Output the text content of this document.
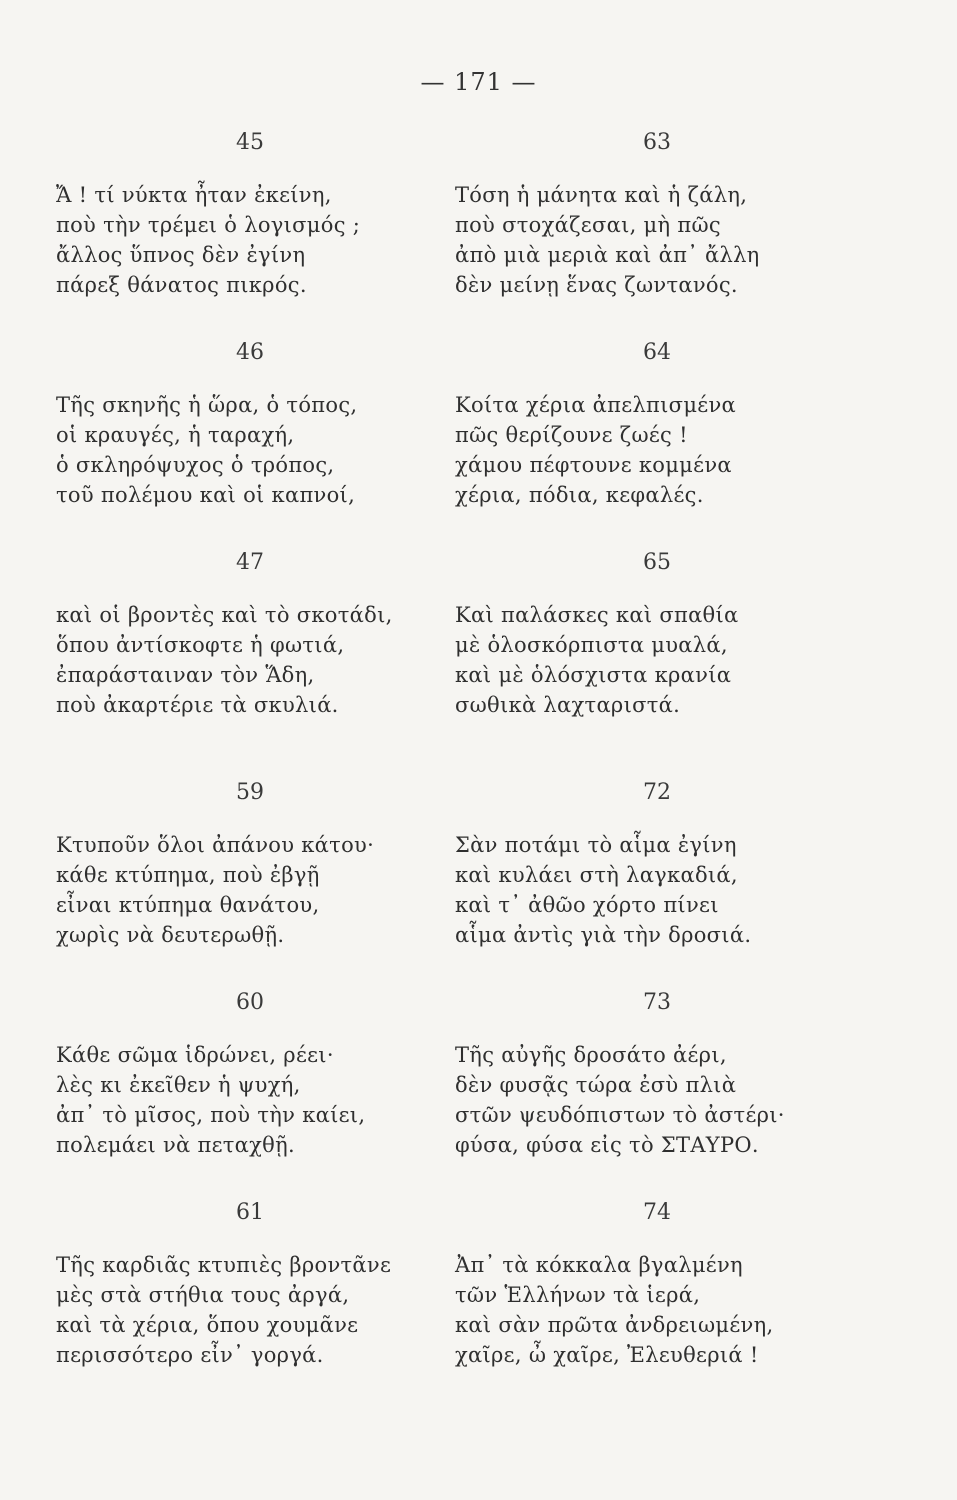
— 171 —
45
Ἄ ! τί νύκτα ἦταν ἐκείνη,
ποὺ τὴν τρέμει ὁ λογισμός ;
ἄλλος ὕπνος δὲν ἐγίνη
πάρεξ θάνατος πικρός.
46
Τῆς σκηνῆς ἡ ὥρα, ὁ τόπος,
οἱ κραυγές, ἡ ταραχή,
ὁ σκληρόψυχος ὁ τρόπος,
τοῦ πολέμου καὶ οἱ καπνοί,
47
καὶ οἱ βροντὲς καὶ τὸ σκοτάδι,
ὅπου ἀντίσκοφτε ἡ φωτιά,
ἐπαράσταιναν τὸν Ἅδη,
ποὺ ἀκαρτέριε τὰ σκυλιά.
59
Κτυποῦν ὅλοι ἀπάνου κάτου·
κάθε κτύπημα, ποὺ ἐβγῇ
εἶναι κτύπημα θανάτου,
χωρὶς νὰ δευτερωθῇ.
60
Κάθε σῶμα ἱδρώνει, ρέει·
λὲς κι ἐκεῖθεν ἡ ψυχή,
ἀπ᾿ τὸ μῖσος, ποὺ τὴν καίει,
πολεμάει νὰ πεταχθῇ.
61
Τῆς καρδιᾶς κτυπιὲς βροντᾶνε
μὲς στὰ στήθια τους ἀργά,
καὶ τὰ χέρια, ὅπου χουμᾶνε
περισσότερο εἶν᾿ γοργά.
63
Τόση ἡ μάνητα καὶ ἡ ζάλη,
ποὺ στοχάζεσαι, μὴ πῶς
ἀπὸ μιὰ μεριὰ καὶ ἀπ᾿ ἄλλη
δὲν μείνῃ ἕνας ζωντανός.
64
Κοίτα χέρια ἀπελπισμένα
πῶς θερίζουνε ζωές !
χάμου πέφτουνε κομμένα
χέρια, πόδια, κεφαλές.
65
Καὶ παλάσκες καὶ σπαθία
μὲ ὁλοσκόρπιστα μυαλά,
καὶ μὲ ὁλόσχιστα κρανία
σωθικὰ λαχταριστά.
72
Σὰν ποτάμι τὸ αἷμα ἐγίνη
καὶ κυλάει στὴ λαγκαδιά,
καὶ τ᾿ ἀθῶο χόρτο πίνει
αἷμα ἀντὶς γιὰ τὴν δροσιά.
73
Τῆς αὐγῆς δροσάτο ἀέρι,
δὲν φυσᾷς τώρα ἐσὺ πλιὰ
στῶν ψευδόπιστων τὸ ἀστέρι·
φύσα, φύσα εἰς τὸ ΣΤΑΥΡΟ.
74
Ἀπ᾿ τὰ κόκκαλα βγαλμένη
τῶν Ἑλλήνων τὰ ἱερά,
καὶ σὰν πρῶτα ἀνδρειωμένη,
χαῖρε, ὦ χαῖρε, Ἐλευθεριά !
